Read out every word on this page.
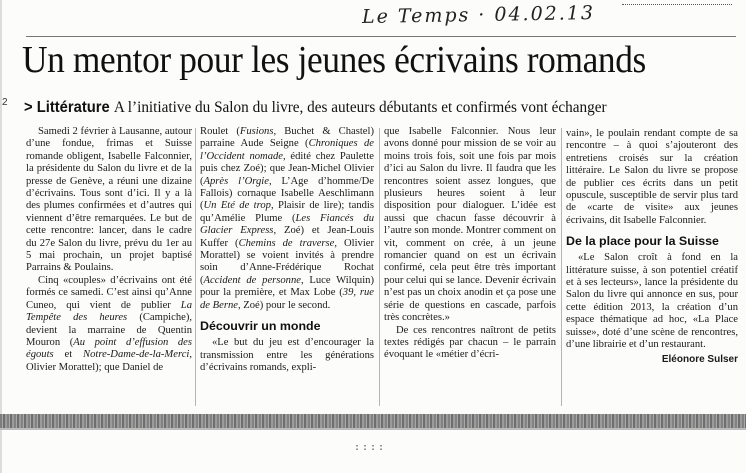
Le Temps · 04.02.13
Un mentor pour les jeunes écrivains romands
2 > Littérature A l’initiative du Salon du livre, des auteurs débutants et confirmés vont échanger

Samedi 2 février à Lausanne, autour d’une fondue, frimas et Suisse romande obligent, Isabelle Falconnier, la présidente du Salon du livre et de la presse de Genève, a réuni une dizaine d’écrivains. Tous sont d’ici. Il y a là des plumes confirmées et d’autres qui viennent d’être remarquées. Le but de cette rencontre: lancer, dans le cadre du 27e Salon du livre, prévu du 1er au 5 mai prochain, un projet baptisé Parrains & Poulains.

Cinq «couples» d’écrivains ont été formés ce samedi. C’est ainsi qu’Anne Cuneo, qui vient de publier La Tempête des heures (Campiche), devient la marraine de Quentin Mouron (Au point d’effusion des égouts et Notre-Dame-de-la-Merci, Olivier Morattel); que Daniel de

Roulet (Fusions, Buchet & Chastel) parraine Aude Seigne (Chroniques de l’Occident nomade, édité chez Paulette puis chez Zoé); que Jean-Michel Olivier (Après l’Orgie, L’Age d’homme/De Fallois) cornaque Isabelle Aeschlimann (Un Eté de trop, Plaisir de lire); tandis qu’Amélie Plume (Les Fiancés du Glacier Express, Zoé) et Jean-Louis Kuffer (Chemins de traverse, Olivier Morattel) se voient invités à prendre soin d’Anne-Frédérique Rochat (Accident de personne, Luce Wilquin) pour la première, et Max Lobe (39, rue de Berne, Zoé) pour le second.

Découvrir un monde

«Le but du jeu est d’encourager la transmission entre les générations d’écrivains romands, expli-

que Isabelle Falconnier. Nous leur avons donné pour mission de se voir au moins trois fois, soit une fois par mois d’ici au Salon du livre. Il faudra que les rencontres soient assez longues, que plusieurs heures soient à leur disposition pour dialoguer. L’idée est aussi que chacun fasse découvrir à l’autre son monde. Montrer comment on vit, comment on crée, à un jeune romancier quand on est un écrivain confirmé, cela peut être très important pour celui qui se lance. Devenir écrivain n’est pas un choix anodin et ça pose une série de questions en cascade, parfois très concrètes.»

De ces rencontres naîtront de petits textes rédigés par chacun – le parrain évoquant le «métier d’écri-

vain», le poulain rendant compte de sa rencontre – à quoi s’ajouteront des entretiens croisés sur la création littéraire. Le Salon du livre se propose de publier ces écrits dans un petit opuscule, susceptible de servir plus tard de «carte de visite» aux jeunes écrivains, dit Isabelle Falconnier.

De la place pour la Suisse

«Le Salon croît à fond en la littérature suisse, à son potentiel créatif et à ses lecteurs», lance la présidente du Salon du livre qui annonce en sus, pour cette édition 2013, la création d’un espace thématique ad hoc, «La Place suisse», doté d’une scène de rencontres, d’une librairie et d’un restaurant.

Eléonore Sulser
::::
